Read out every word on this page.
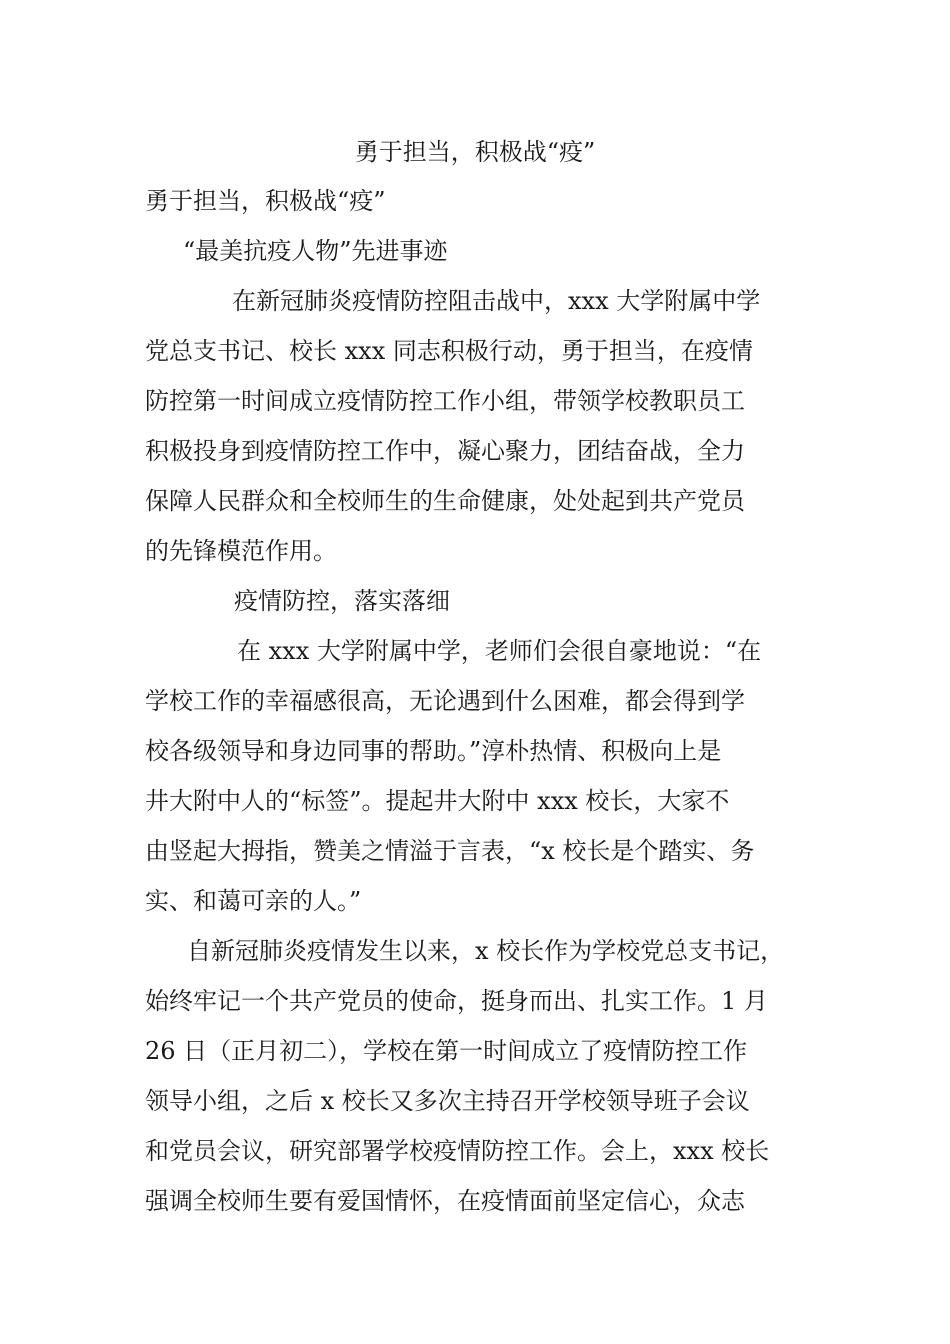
勇于担当，积极战“疫”
勇于担当，积极战“疫”
“最美抗疫人物”先进事迹
在新冠肺炎疫情防控阻击战中，xxx 大学附属中学
党总支书记、校长 xxx 同志积极行动，勇于担当，在疫情
防控第一时间成立疫情防控工作小组，带领学校教职员工
积极投身到疫情防控工作中，凝心聚力，团结奋战，全力
保障人民群众和全校师生的生命健康，处处起到共产党员
的先锋模范作用。
疫情防控，落实落细
在 xxx 大学附属中学，老师们会很自豪地说：“在
学校工作的幸福感很高，无论遇到什么困难，都会得到学
校各级领导和身边同事的帮助。”淳朴热情、积极向上是
井大附中人的“标签”。提起井大附中 xxx 校长，大家不
由竖起大拇指，赞美之情溢于言表，“x 校长是个踏实、务
实、和蔼可亲的人。”
自新冠肺炎疫情发生以来，x 校长作为学校党总支书记，
始终牢记一个共产党员的使命，挺身而出、扎实工作。1 月
26 日（正月初二），学校在第一时间成立了疫情防控工作
领导小组，之后 x 校长又多次主持召开学校领导班子会议
和党员会议，研究部署学校疫情防控工作。会上，xxx 校长
强调全校师生要有爱国情怀，在疫情面前坚定信心，众志
